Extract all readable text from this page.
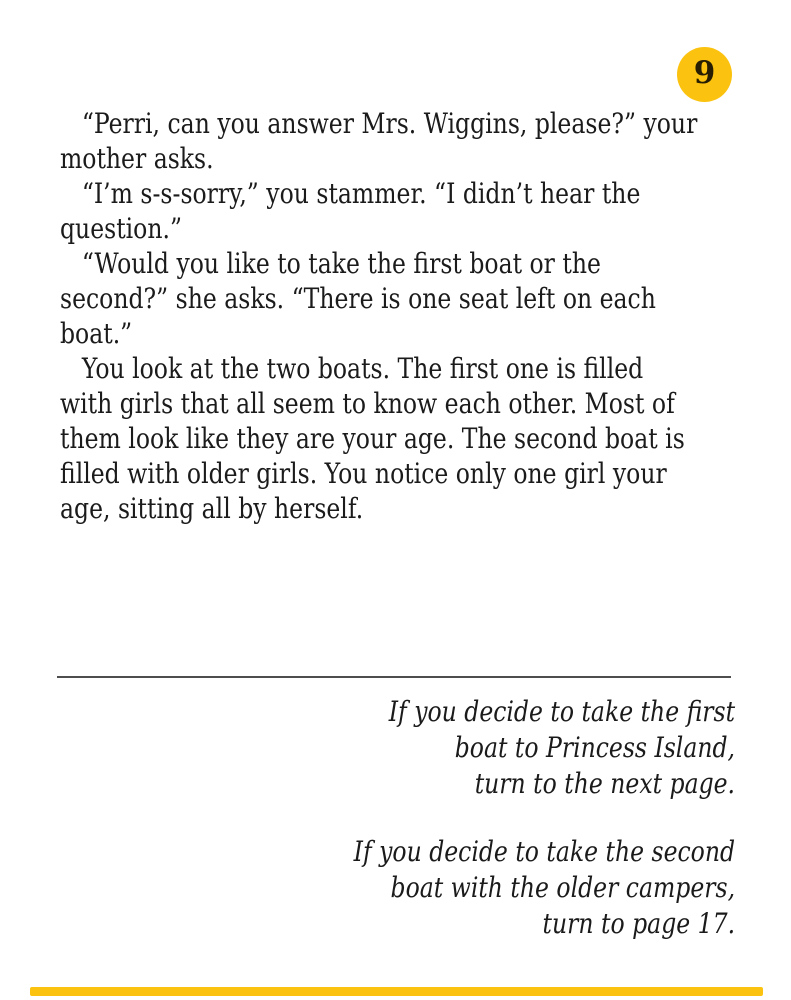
9
“Perri, can you answer Mrs. Wiggins, please?” your
mother asks.
“I’m s-s-sorry,” you stammer. “I didn’t hear the
question.”
“Would you like to take the first boat or the
second?” she asks. “There is one seat left on each
boat.”
You look at the two boats. The first one is filled
with girls that all seem to know each other. Most of
them look like they are your age. The second boat is
filled with older girls. You notice only one girl your
age, sitting all by herself.
If you decide to take the first
boat to Princess Island,
turn to the next page.
If you decide to take the second
boat with the older campers,
turn to page 17.
